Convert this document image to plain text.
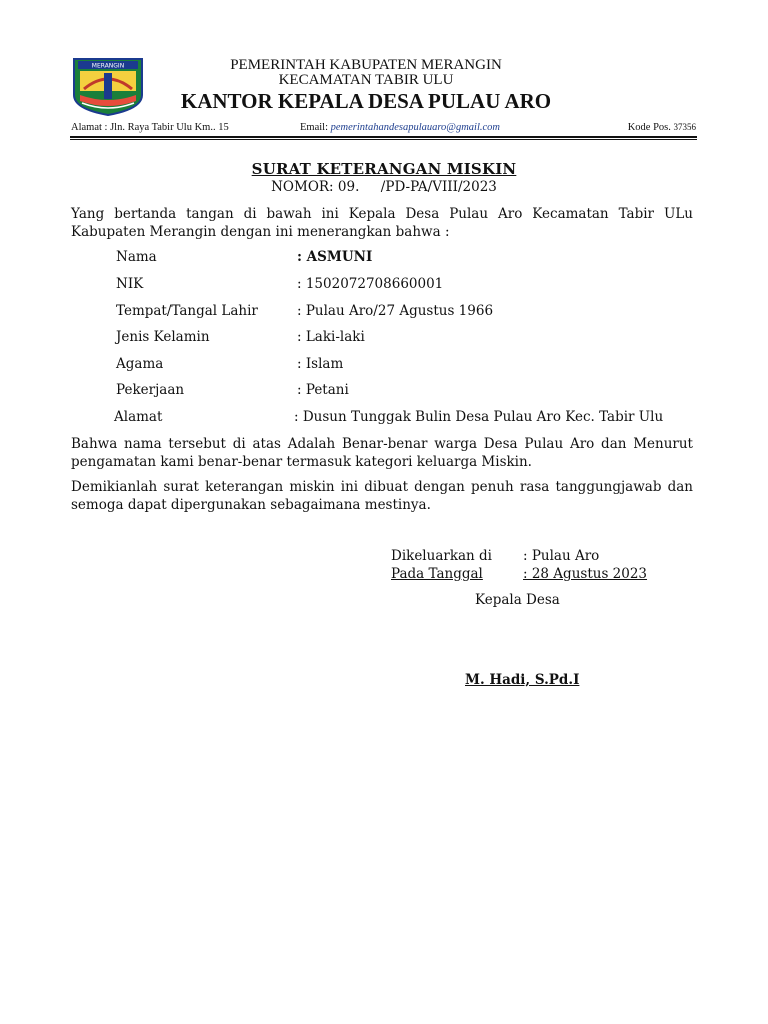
MERANGIN	PEMERINTAH KABUPATEN MERANGIN
KECAMATAN TABIR ULU
KANTOR KEPALA DESA PULAU ARO
Alamat : Jln. Raya Tabir Ulu Km.. 15	Email: pemerintahandesapulauaro@gmail.com	Kode Pos. 37356
SURAT KETERANGAN MISKIN
NOMOR: 09.     /PD-PA/VIII/2023
Yang bertanda tangan di bawah ini Kepala Desa Pulau Aro Kecamatan Tabir ULu Kabupaten Merangin dengan ini menerangkan bahwa :
Nama	: ASMUNI
NIK	: 1502072708660001
Tempat/Tangal Lahir	: Pulau Aro/27 Agustus 1966
Jenis Kelamin	: Laki-laki
Agama	: Islam
Pekerjaan	: Petani
Alamat	: Dusun Tunggak Bulin Desa Pulau Aro Kec. Tabir Ulu
Bahwa nama tersebut di atas Adalah Benar-benar warga Desa Pulau Aro dan Menurut pengamatan kami benar-benar termasuk kategori keluarga Miskin.
Demikianlah surat keterangan miskin ini dibuat dengan penuh rasa tanggungjawab dan semoga dapat dipergunakan sebagaimana mestinya.
Dikeluarkan di : Pulau Aro
Pada Tanggal	: 28 Agustus 2023
Kepala Desa
M. Hadi, S.Pd.I
